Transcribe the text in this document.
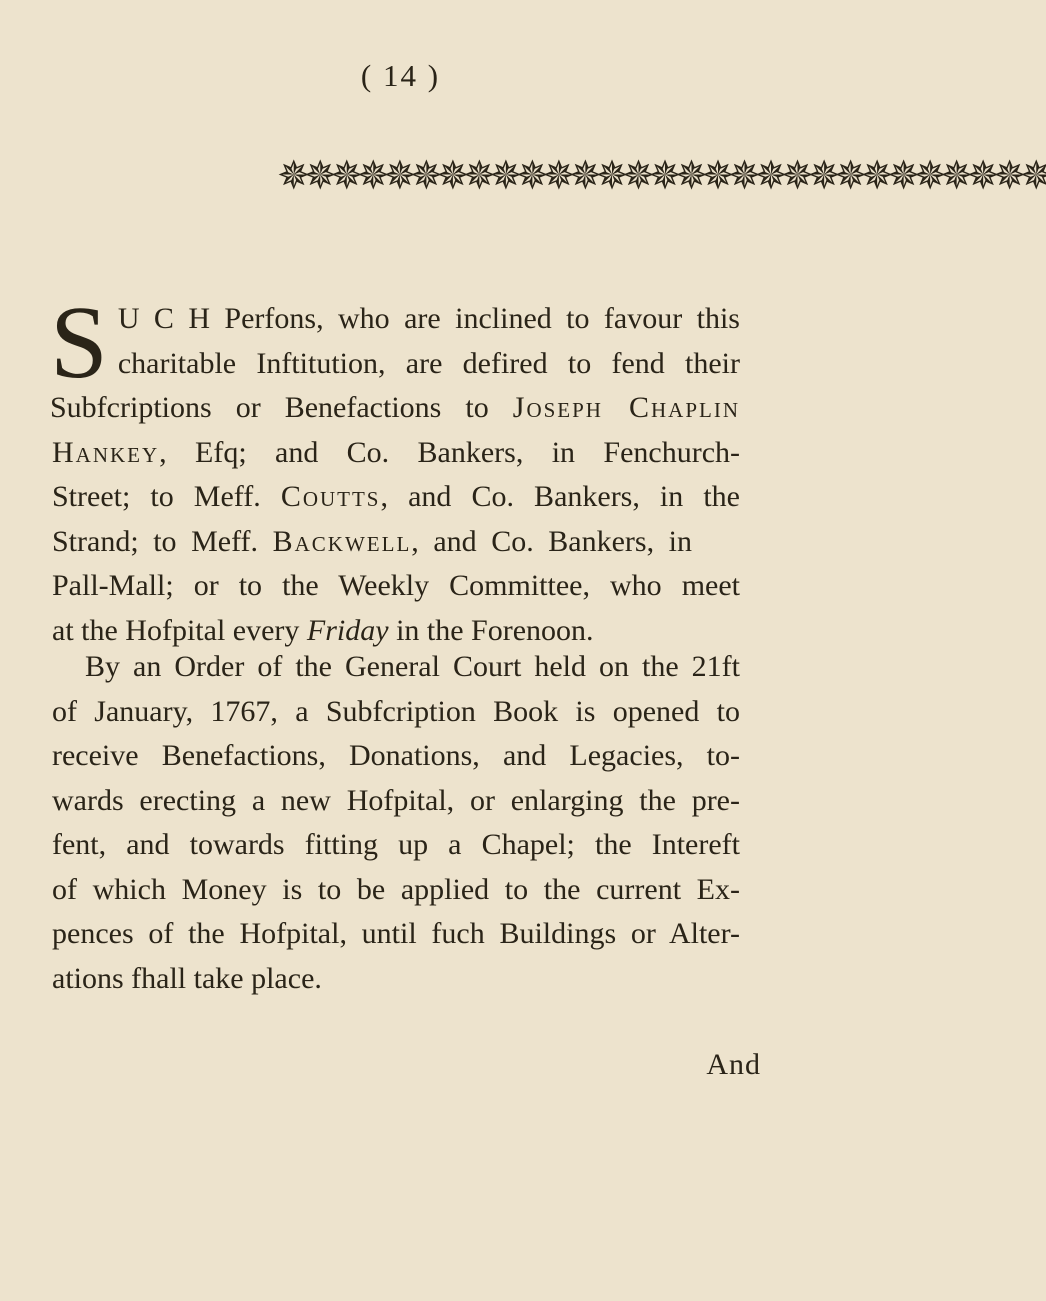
( 14 )
✵✵✵✵✵✵✵✵✵✵✵✵✵✵✵✵✵✵✵✵✵✵✵✵✵✵✵✵✵
S U C H Perfons, who are inclined to favour this
charitable Inftitution, are defired to fend their
Subfcriptions or Benefactions to Joseph Chaplin
Hankey, Efq; and Co. Bankers, in Fenchurch-
Street; to Meff. Coutts, and Co. Bankers, in the
Strand; to Meff. Backwell, and Co. Bankers, in
Pall-Mall; or to the Weekly Committee, who meet
at the Hofpital every Friday in the Forenoon.
By an Order of the General Court held on the 21ft
of January, 1767, a Subfcription Book is opened to
receive Benefactions, Donations, and Legacies, to-
wards erecting a new Hofpital, or enlarging the pre-
fent, and towards fitting up a Chapel; the Intereft
of which Money is to be applied to the current Ex-
pences of the Hofpital, until fuch Buildings or Alter-
ations fhall take place.
And
